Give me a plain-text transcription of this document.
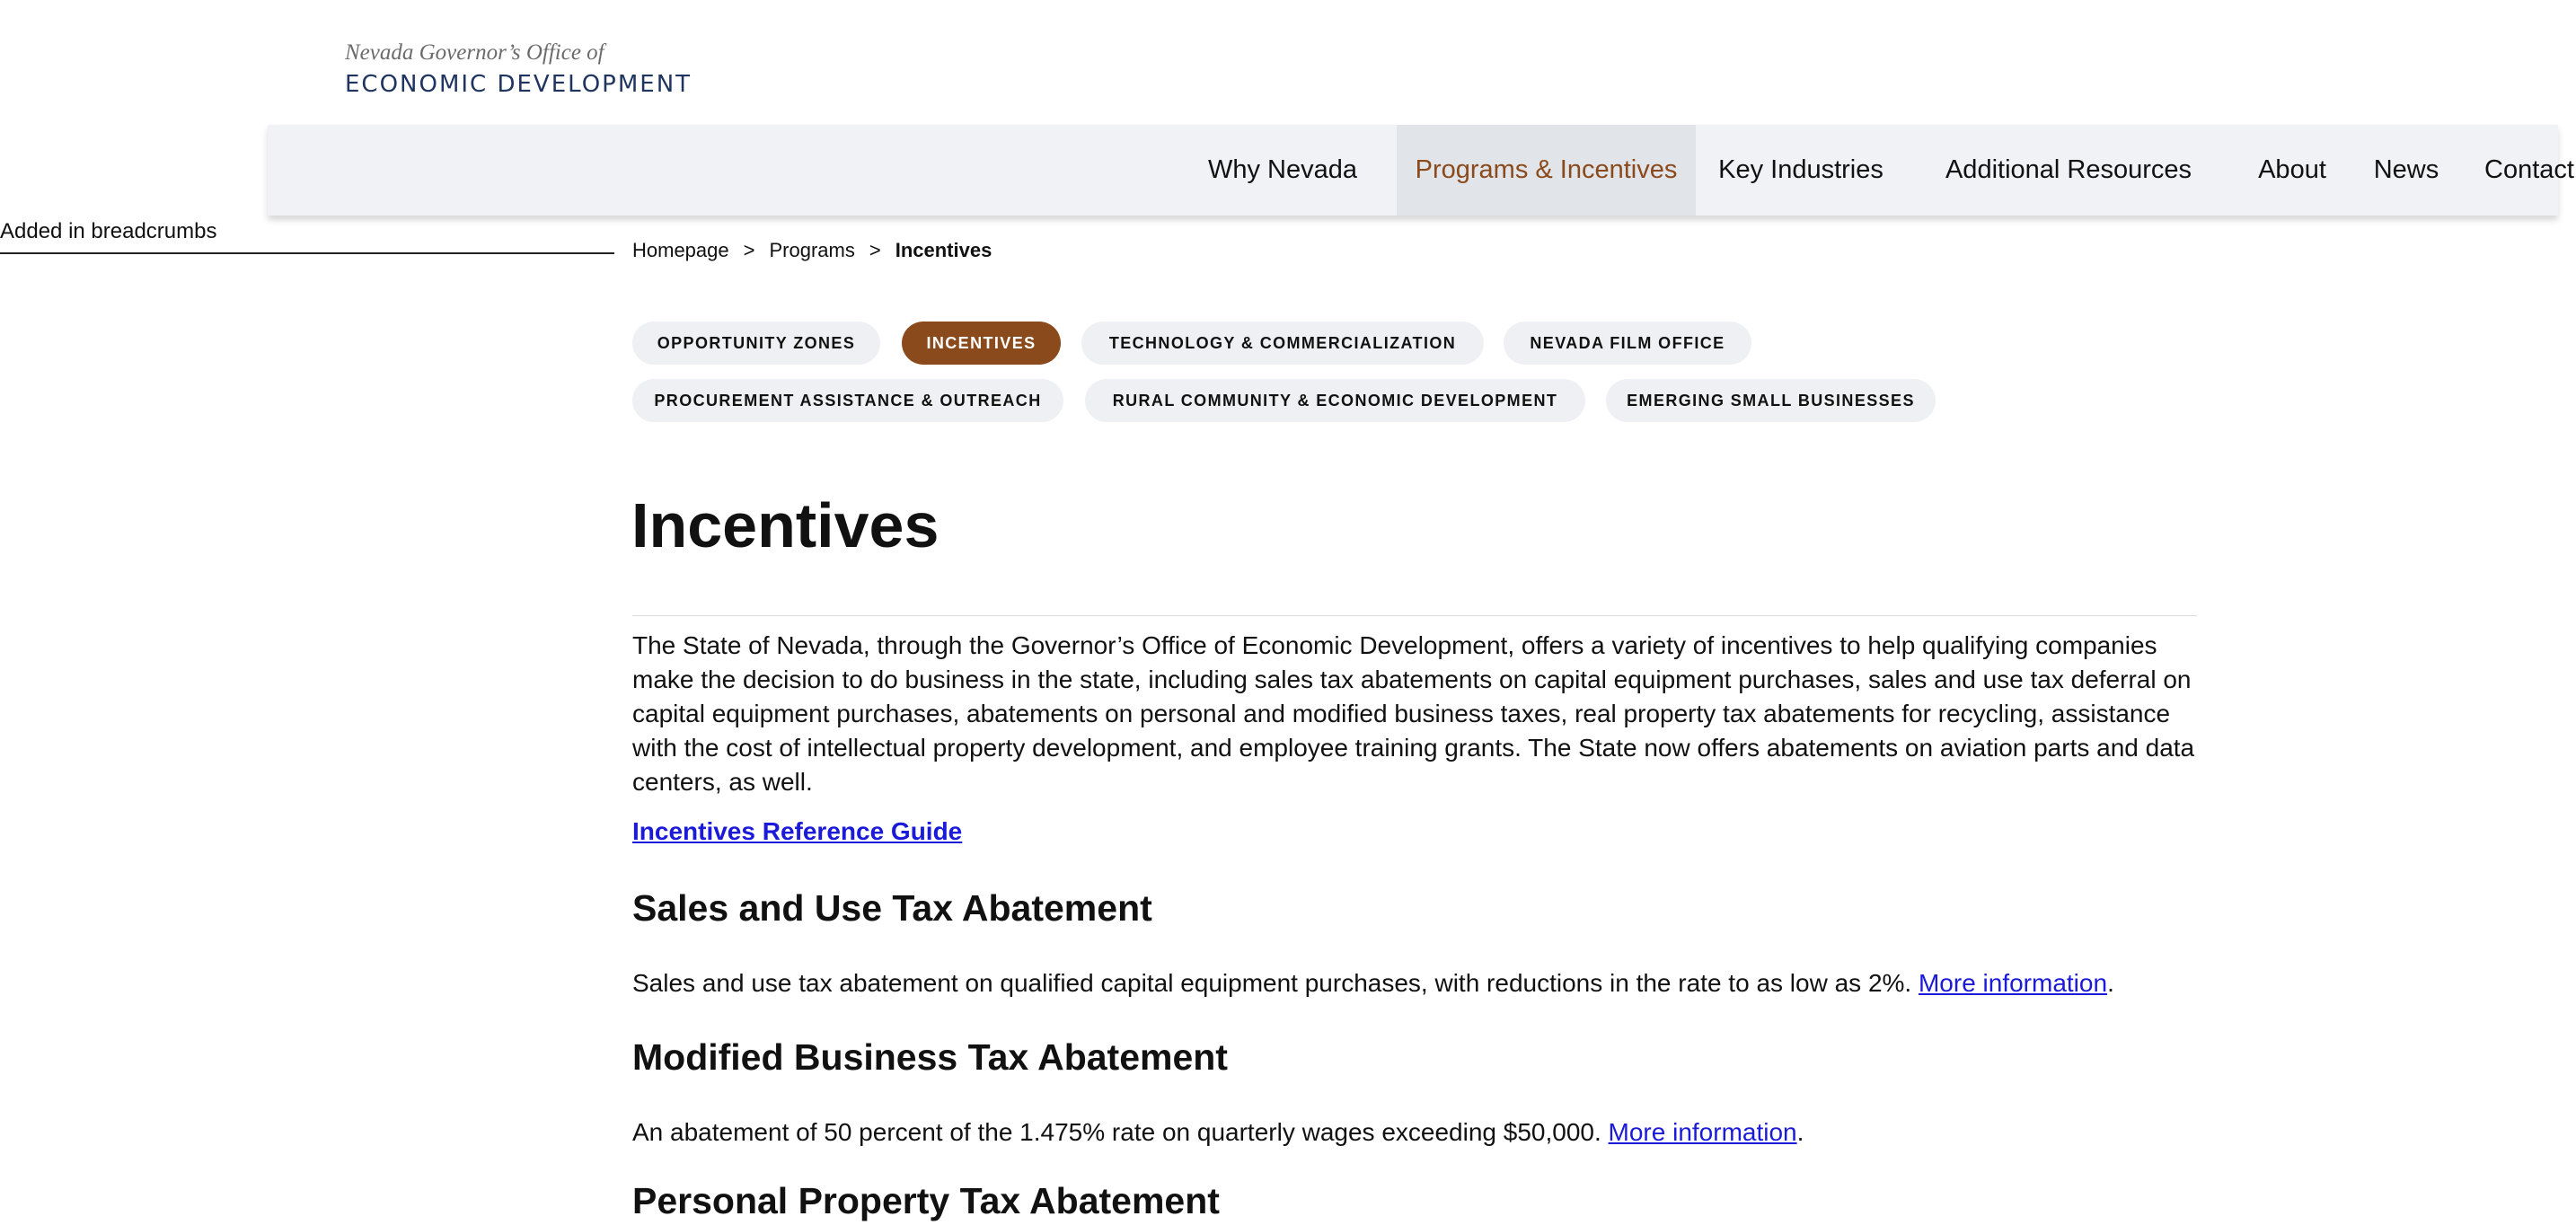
Nevada Governor’s Office of
ECONOMIC DEVELOPMENT
Why Nevada	Programs & Incentives	Key Industries	Additional Resources	About News Contact
Added in breadcrumbs
Homepage > Programs > Incentives
OPPORTUNITY ZONES	INCENTIVES	TECHNOLOGY & COMMERCIALIZATION	NEVADA FILM OFFICE
PROCUREMENT ASSISTANCE & OUTREACH	RURAL COMMUNITY & ECONOMIC DEVELOPMENT	EMERGING SMALL BUSINESSES
Incentives

The State of Nevada, through the Governor’s Office of Economic Development, offers a variety of incentives to help qualifying companies make the decision to do business in the state, including sales tax abatements on capital equipment purchases, sales and use tax deferral on capital equipment purchases, abatements on personal and modified business taxes, real property tax abatements for recycling, assistance with the cost of intellectual property development, and employee training grants. The State now offers abatements on aviation parts and data centers, as well.

Incentives Reference Guide
Sales and Use Tax Abatement

Sales and use tax abatement on qualified capital equipment purchases, with reductions in the rate to as low as 2%. More information.

Modified Business Tax Abatement

An abatement of 50 percent of the 1.475% rate on quarterly wages exceeding $50,000. More information.

Personal Property Tax Abatement
